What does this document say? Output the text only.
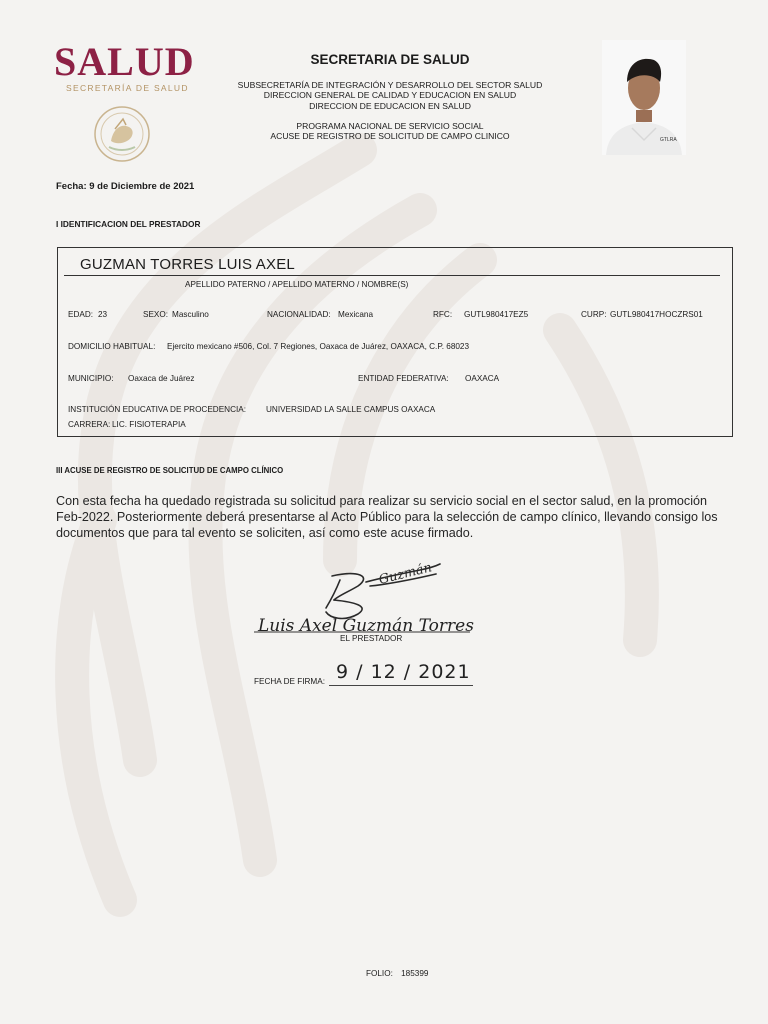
SALUD
SECRETARÍA DE SALUD
SECRETARIA DE SALUD
SUBSECRETARÍA DE INTEGRACIÓN Y DESARROLLO DEL SECTOR SALUD
DIRECCION GENERAL DE CALIDAD Y EDUCACION EN SALUD
DIRECCION DE EDUCACION EN SALUD
PROGRAMA NACIONAL DE SERVICIO SOCIAL
ACUSE DE REGISTRO DE SOLICITUD DE CAMPO CLINICO	GTLRA
Fecha: 9 de Diciembre de 2021
I IDENTIFICACION DEL PRESTADOR
GUZMAN TORRES LUIS AXEL
APELLIDO PATERNO / APELLIDO MATERNO / NOMBRE(S)
EDAD: 23	SEXO: Masculino	NACIONALIDAD: Mexicana	RFC: GUTL980417EZ5	CURP: GUTL980417HOCZRS01
DOMICILIO HABITUAL: Ejercito mexicano #506, Col. 7 Regiones, Oaxaca de Juárez, OAXACA, C.P. 68023
MUNICIPIO: Oaxaca de Juárez	ENTIDAD FEDERATIVA: OAXACA
INSTITUCIÓN EDUCATIVA DE PROCEDENCIA: UNIVERSIDAD LA SALLE CAMPUS OAXACA
CARRERA: LIC. FISIOTERAPIA
III ACUSE DE REGISTRO DE SOLICITUD DE CAMPO CLÍNICO
Con esta fecha ha quedado registrada su solicitud para realizar su servicio social en el sector salud, en la promoción Feb-2022. Posteriormente deberá presentarse al Acto Público para la selección de campo clínico, llevando consigo los documentos que para tal evento se soliciten, así como este acuse firmado.
Guzmán
Luis Axel Guzmán Torres
EL PRESTADOR
FECHA DE FIRMA: 9 / 12 / 2021
FOLIO: 185399
